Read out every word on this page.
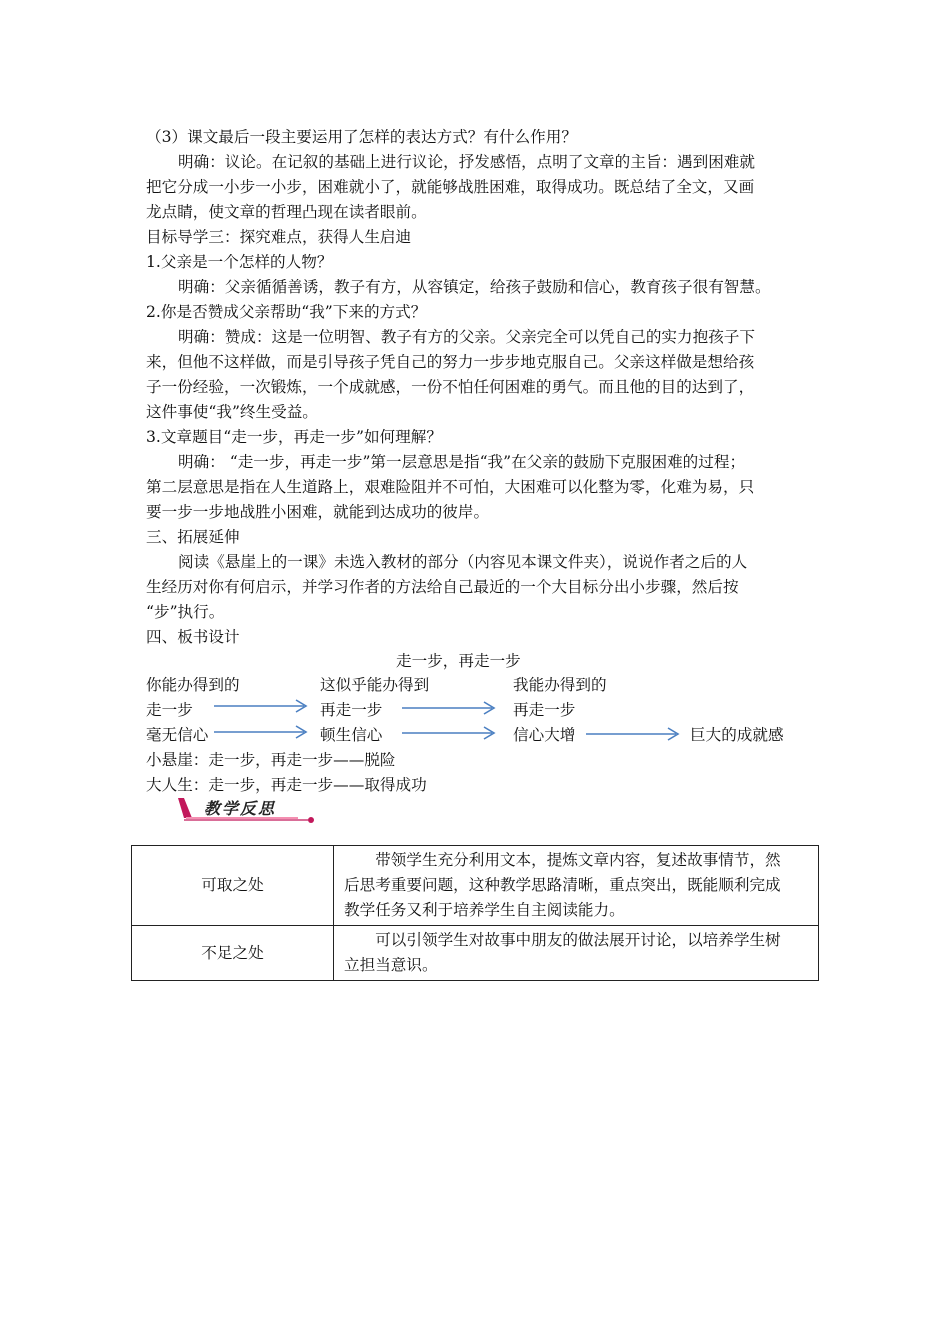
（3）课文最后一段主要运用了怎样的表达方式？有什么作用？
明确：议论。在记叙的基础上进行议论，抒发感悟，点明了文章的主旨：遇到困难就
把它分成一小步一小步，困难就小了，就能够战胜困难，取得成功。既总结了全文，又画
龙点睛，使文章的哲理凸现在读者眼前。
目标导学三：探究难点，获得人生启迪
1.父亲是一个怎样的人物？
明确：父亲循循善诱，教子有方，从容镇定，给孩子鼓励和信心，教育孩子很有智慧。
2.你是否赞成父亲帮助“我”下来的方式？
明确：赞成：这是一位明智、教子有方的父亲。父亲完全可以凭自己的实力抱孩子下
来，但他不这样做，而是引导孩子凭自己的努力一步步地克服自己。父亲这样做是想给孩
子一份经验，一次锻炼，一个成就感，一份不怕任何困难的勇气。而且他的目的达到了，
这件事使“我”终生受益。
3.文章题目“走一步，再走一步”如何理解？
明确： “走一步，再走一步”第一层意思是指“我”在父亲的鼓励下克服困难的过程；
第二层意思是指在人生道路上，艰难险阻并不可怕，大困难可以化整为零，化难为易，只
要一步一步地战胜小困难，就能到达成功的彼岸。
三、拓展延伸
阅读《悬崖上的一课》未选入教材的部分（内容见本课文件夹），说说作者之后的人
生经历对你有何启示，并学习作者的方法给自己最近的一个大目标分出小步骤，然后按
“步”执行。
四、板书设计
走一步，再走一步
你能办得到的	这似乎能办得到	我能办得到的
走一步	再走一步	再走一步
毫无信心	顿生信心	信心大增	巨大的成就感
小悬崖：走一步，再走一步——脱险
大人生：走一步，再走一步——取得成功
教学反思
可取之处	带领学生充分利用文本，提炼文章内容，复述故事情节，然
后思考重要问题，这种教学思路清晰，重点突出，既能顺利完成
教学任务又利于培养学生自主阅读能力。

不足之处	可以引领学生对故事中朋友的做法展开讨论，以培养学生树
立担当意识。
